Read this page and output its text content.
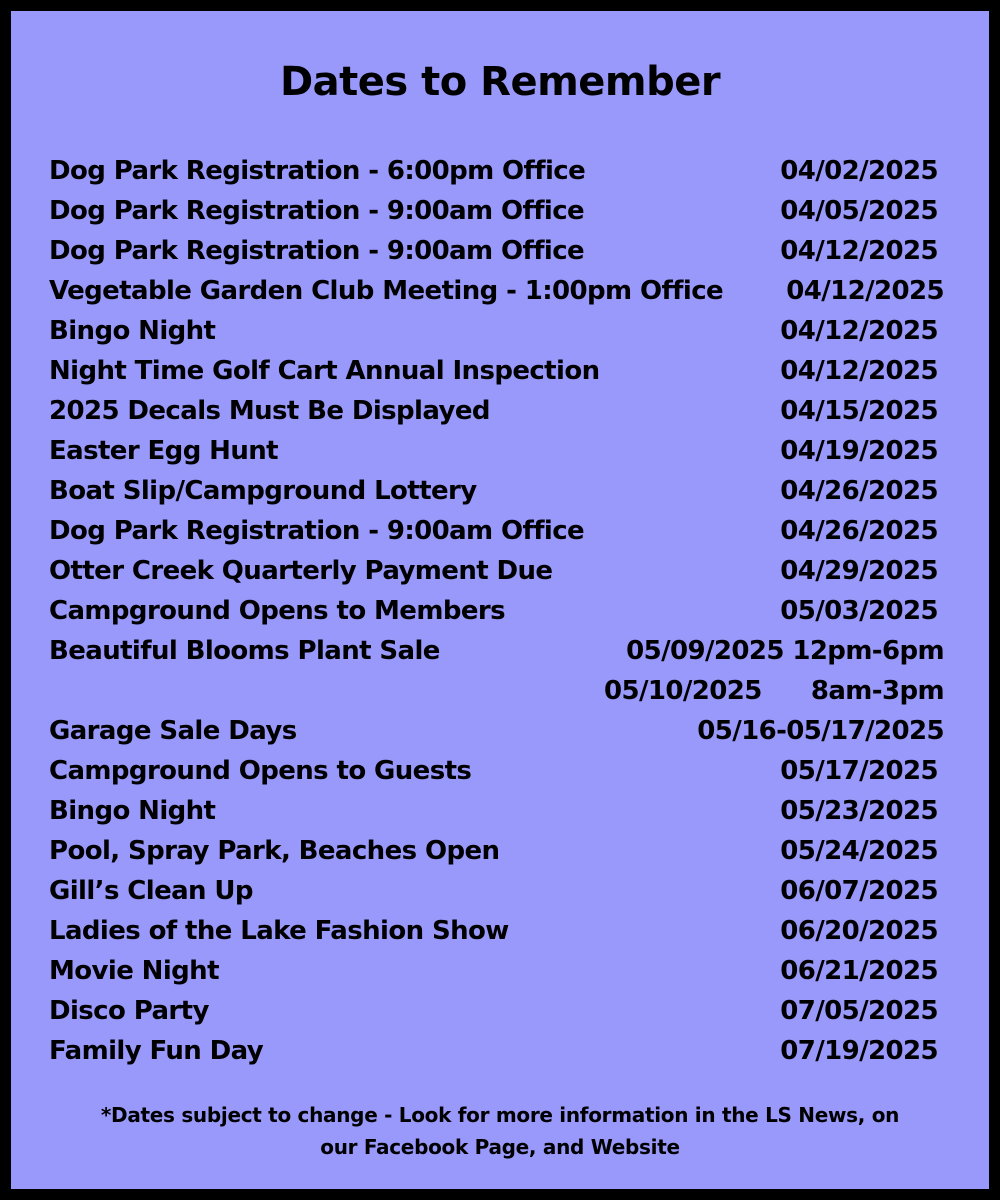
Dates to Remember
Dog Park Registration - 6:00pm Office	04/02/2025
Dog Park Registration - 9:00am Office	04/05/2025
Dog Park Registration - 9:00am Office	04/12/2025
Vegetable Garden Club Meeting - 1:00pm Office 04/12/2025
Bingo Night	04/12/2025
Night Time Golf Cart Annual Inspection	04/12/2025
2025 Decals Must Be Displayed	04/15/2025
Easter Egg Hunt	04/19/2025
Boat Slip/Campground Lottery	04/26/2025
Dog Park Registration - 9:00am Office	04/26/2025
Otter Creek Quarterly Payment Due	04/29/2025
Campground Opens to Members	05/03/2025
Beautiful Blooms Plant Sale	05/09/2025 12pm-6pm
05/10/2025 8am-3pm
Garage Sale Days	05/16-05/17/2025
Campground Opens to Guests	05/17/2025
Bingo Night	05/23/2025
Pool, Spray Park, Beaches Open	05/24/2025
Gill’s Clean Up	06/07/2025
Ladies of the Lake Fashion Show	06/20/2025
Movie Night	06/21/2025
Disco Party	07/05/2025
Family Fun Day	07/19/2025
*Dates subject to change - Look for more information in the LS News, on
our Facebook Page, and Website
